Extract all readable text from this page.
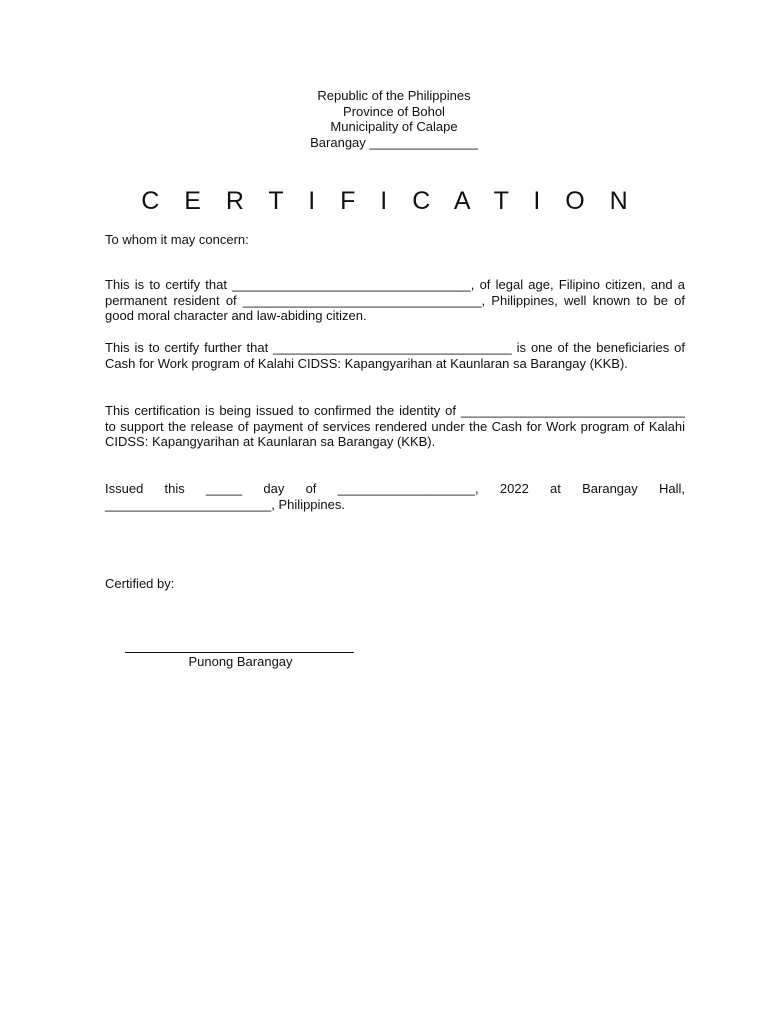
Republic of the Philippines
Province of Bohol
Municipality of Calape
Barangay _______________
C E R T I F I C A T I O N
To whom it may concern:
This is to certify that _________________________________, of legal age, Filipino citizen, and a permanent resident of _________________________________, Philippines, well known to be of good moral character and law-abiding citizen.
This is to certify further that _________________________________ is one of the beneficiaries of Cash for Work program of Kalahi CIDSS: Kapangyarihan at Kaunlaran sa Barangay (KKB).
This certification is being issued to confirmed the identity of _______________________________ to support the release of payment of services rendered under the Cash for Work program of Kalahi CIDSS: Kapangyarihan at Kaunlaran sa Barangay (KKB).
Issued this _____ day of ___________________, 2022 at Barangay Hall, _______________________, Philippines.
Certified by:
Punong Barangay
